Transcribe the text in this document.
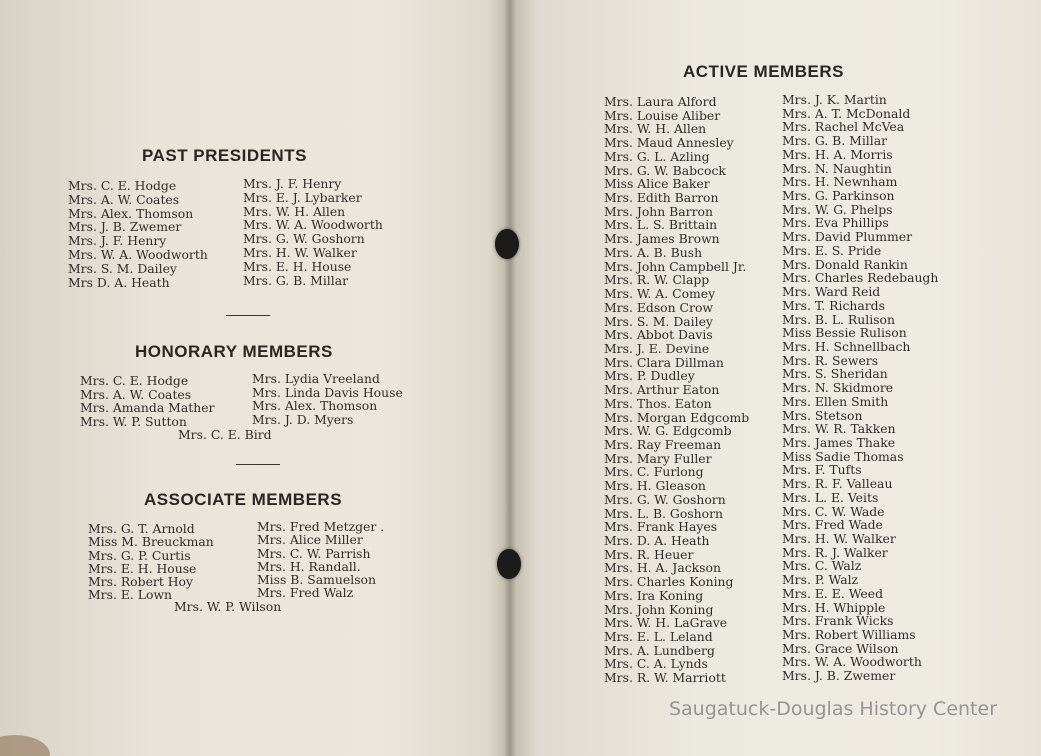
PAST PRESIDENTS
Mrs. C. E. Hodge
Mrs. A. W. Coates
Mrs. Alex. Thomson
Mrs. J. B. Zwemer
Mrs. J. F. Henry
Mrs. W. A. Woodworth
Mrs. S. M. Dailey
Mrs D. A. Heath
Mrs. J. F. Henry
Mrs. E. J. Lybarker
Mrs. W. H. Allen
Mrs. W. A. Woodworth
Mrs. G. W. Goshorn
Mrs. H. W. Walker
Mrs. E. H. House
Mrs. G. B. Millar
HONORARY MEMBERS
Mrs. C. E. Hodge
Mrs. A. W. Coates
Mrs. Amanda Mather
Mrs. W. P. Sutton
Mrs. Lydia Vreeland
Mrs. Linda Davis House
Mrs. Alex. Thomson
Mrs. J. D. Myers
Mrs. C. E. Bird
ASSOCIATE MEMBERS
Mrs. G. T. Arnold
Miss M. Breuckman
Mrs. G. P. Curtis
Mrs. E. H. House
Mrs. Robert Hoy
Mrs. E. Lown
Mrs. Fred Metzger .
Mrs. Alice Miller
Mrs. C. W. Parrish
Mrs. H. Randall.
Miss B. Samuelson
Mrs. Fred Walz
Mrs. W. P. Wilson
ACTIVE MEMBERS
Mrs. Laura Alford
Mrs. Louise Aliber
Mrs. W. H. Allen
Mrs. Maud Annesley
Mrs. G. L. Azling
Mrs. G. W. Babcock
Miss Alice Baker
Mrs. Edith Barron
Mrs. John Barron
Mrs. L. S. Brittain
Mrs. James Brown
Mrs. A. B. Bush
Mrs. John Campbell Jr.
Mrs. R. W. Clapp
Mrs. W. A. Comey
Mrs. Edson Crow
Mrs. S. M. Dailey
Mrs. Abbot Davis
Mrs. J. E. Devine
Mrs. Clara Dillman
Mrs. P. Dudley
Mrs. Arthur Eaton
Mrs. Thos. Eaton
Mrs. Morgan Edgcomb
Mrs. W. G. Edgcomb
Mrs. Ray Freeman
Mrs. Mary Fuller
Mrs. C. Furlong
Mrs. H. Gleason
Mrs. G. W. Goshorn
Mrs. L. B. Goshorn
Mrs. Frank Hayes
Mrs. D. A. Heath
Mrs. R. Heuer
Mrs. H. A. Jackson
Mrs. Charles Koning
Mrs. Ira Koning
Mrs. John Koning
Mrs. W. H. LaGrave
Mrs. E. L. Leland
Mrs. A. Lundberg
Mrs. C. A. Lynds
Mrs. R. W. Marriott
Mrs. J. K. Martin
Mrs. A. T. McDonald
Mrs. Rachel McVea
Mrs. G. B. Millar
Mrs. H. A. Morris
Mrs. N. Naughtin
Mrs. H. Newnham
Mrs. G. Parkinson
Mrs. W. G. Phelps
Mrs. Eva Phillips
Mrs. David Plummer
Mrs. E. S. Pride
Mrs. Donald Rankin
Mrs. Charles Redebaugh
Mrs. Ward Reid
Mrs. T. Richards
Mrs. B. L. Rulison
Miss Bessie Rulison
Mrs. H. Schnellbach
Mrs. R. Sewers
Mrs. S. Sheridan
Mrs. N. Skidmore
Mrs. Ellen Smith
Mrs. Stetson
Mrs. W. R. Takken
Mrs. James Thake
Miss Sadie Thomas
Mrs. F. Tufts
Mrs. R. F. Valleau
Mrs. L. E. Veits
Mrs. C. W. Wade
Mrs. Fred Wade
Mrs. H. W. Walker
Mrs. R. J. Walker
Mrs. C. Walz
Mrs. P. Walz
Mrs. E. E. Weed
Mrs. H. Whipple
Mrs. Frank Wicks
Mrs. Robert Williams
Mrs. Grace Wilson
Mrs. W. A. Woodworth
Mrs. J. B. Zwemer
Saugatuck-Douglas History Center
